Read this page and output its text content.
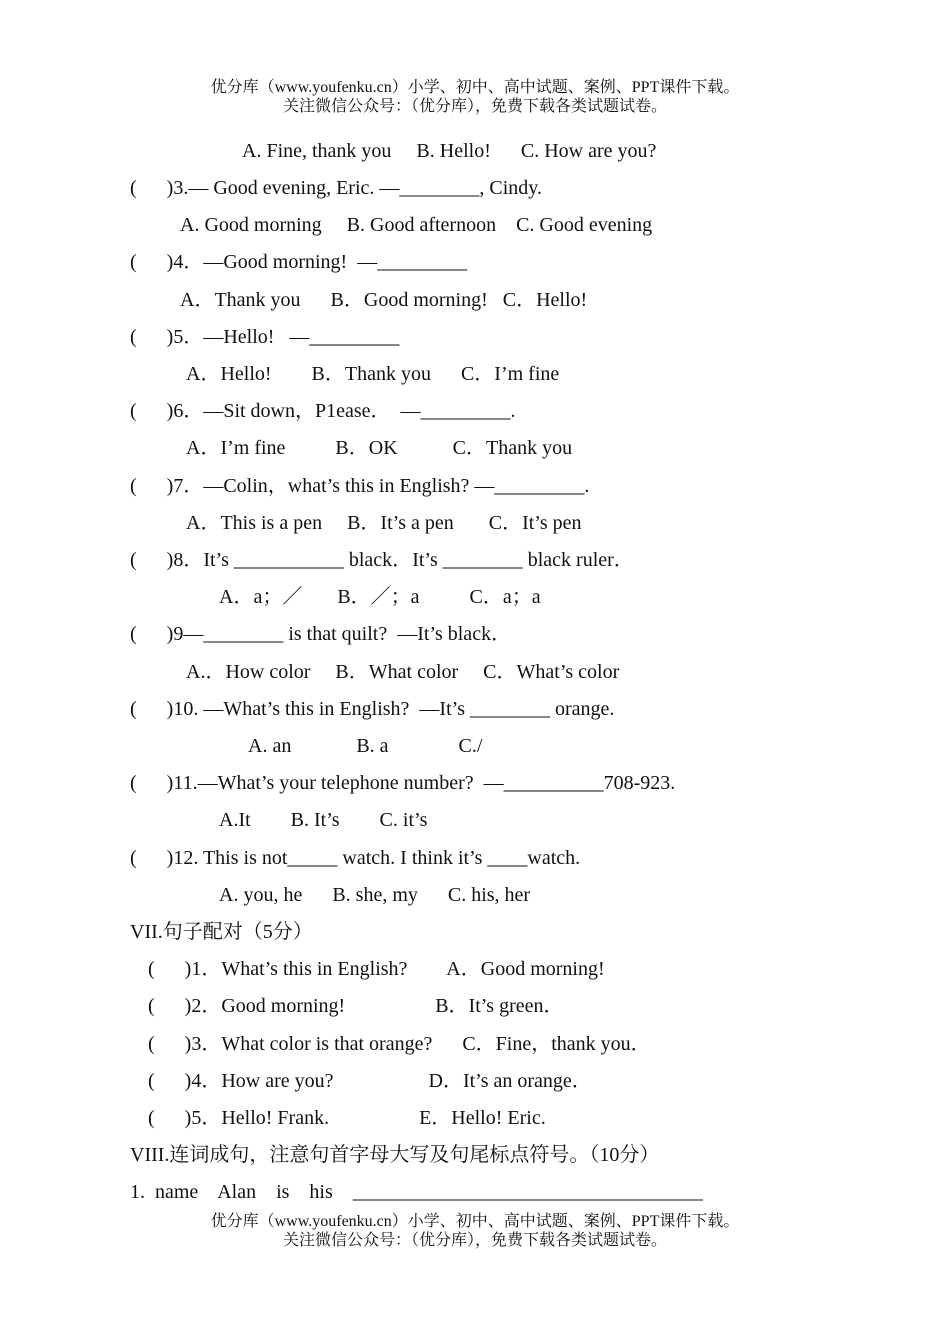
优分库（www.youfenku.cn）小学、初中、高中试题、案例、PPT课件下载。
关注微信公众号：（优分库），免费下载各类试题试卷。
A. Fine, thank you     B. Hello!      C. How are you?
(      )3.— Good evening, Eric. —________, Cindy.
A. Good morning     B. Good afternoon    C. Good evening
(      )4．—Good morning!  —_________
A．Thank you      B．Good morning!   C．Hello!
(      )5．—Hello!   —_________
A．Hello!        B．Thank you      C．I’m fine
(      )6．—Sit down，P1ease．  —_________.
A．I’m fine          B．OK           C．Thank you
(      )7．—Colin，what’s this in English? —_________.
A．This is a pen     B．It’s a pen       C．It’s pen
(      )8．It’s ___________ black．It’s ________ black ruler．
A．a；／       B．／；a          C．a；a
(      )9—________ is that quilt?  —It’s black．
A.．How color     B．What color     C．What’s color
(      )10. —What’s this in English?  —It’s ________ orange.
A. an             B. a              C./
(      )11.—What’s your telephone number?  —__________708-923.
A.It        B. It’s        C. it’s
(      )12. This is not_____ watch. I think it’s ____watch.
A. you, he      B. she, my      C. his, her
VII.句子配对（5分）
(      )1．What’s this in English?        A．Good morning!
(      )2．Good morning!                  B．It’s green．
(      )3．What color is that orange?      C．Fine，thank you．
(      )4．How are you?                   D．It’s an orange．
(      )5．Hello! Frank.                  E．Hello! Eric.
VIII.连词成句，注意句首字母大写及句尾标点符号。（10分）
1.  name    Alan    is    his    ___________________________________
优分库（www.youfenku.cn）小学、初中、高中试题、案例、PPT课件下载。
关注微信公众号：（优分库），免费下载各类试题试卷。
